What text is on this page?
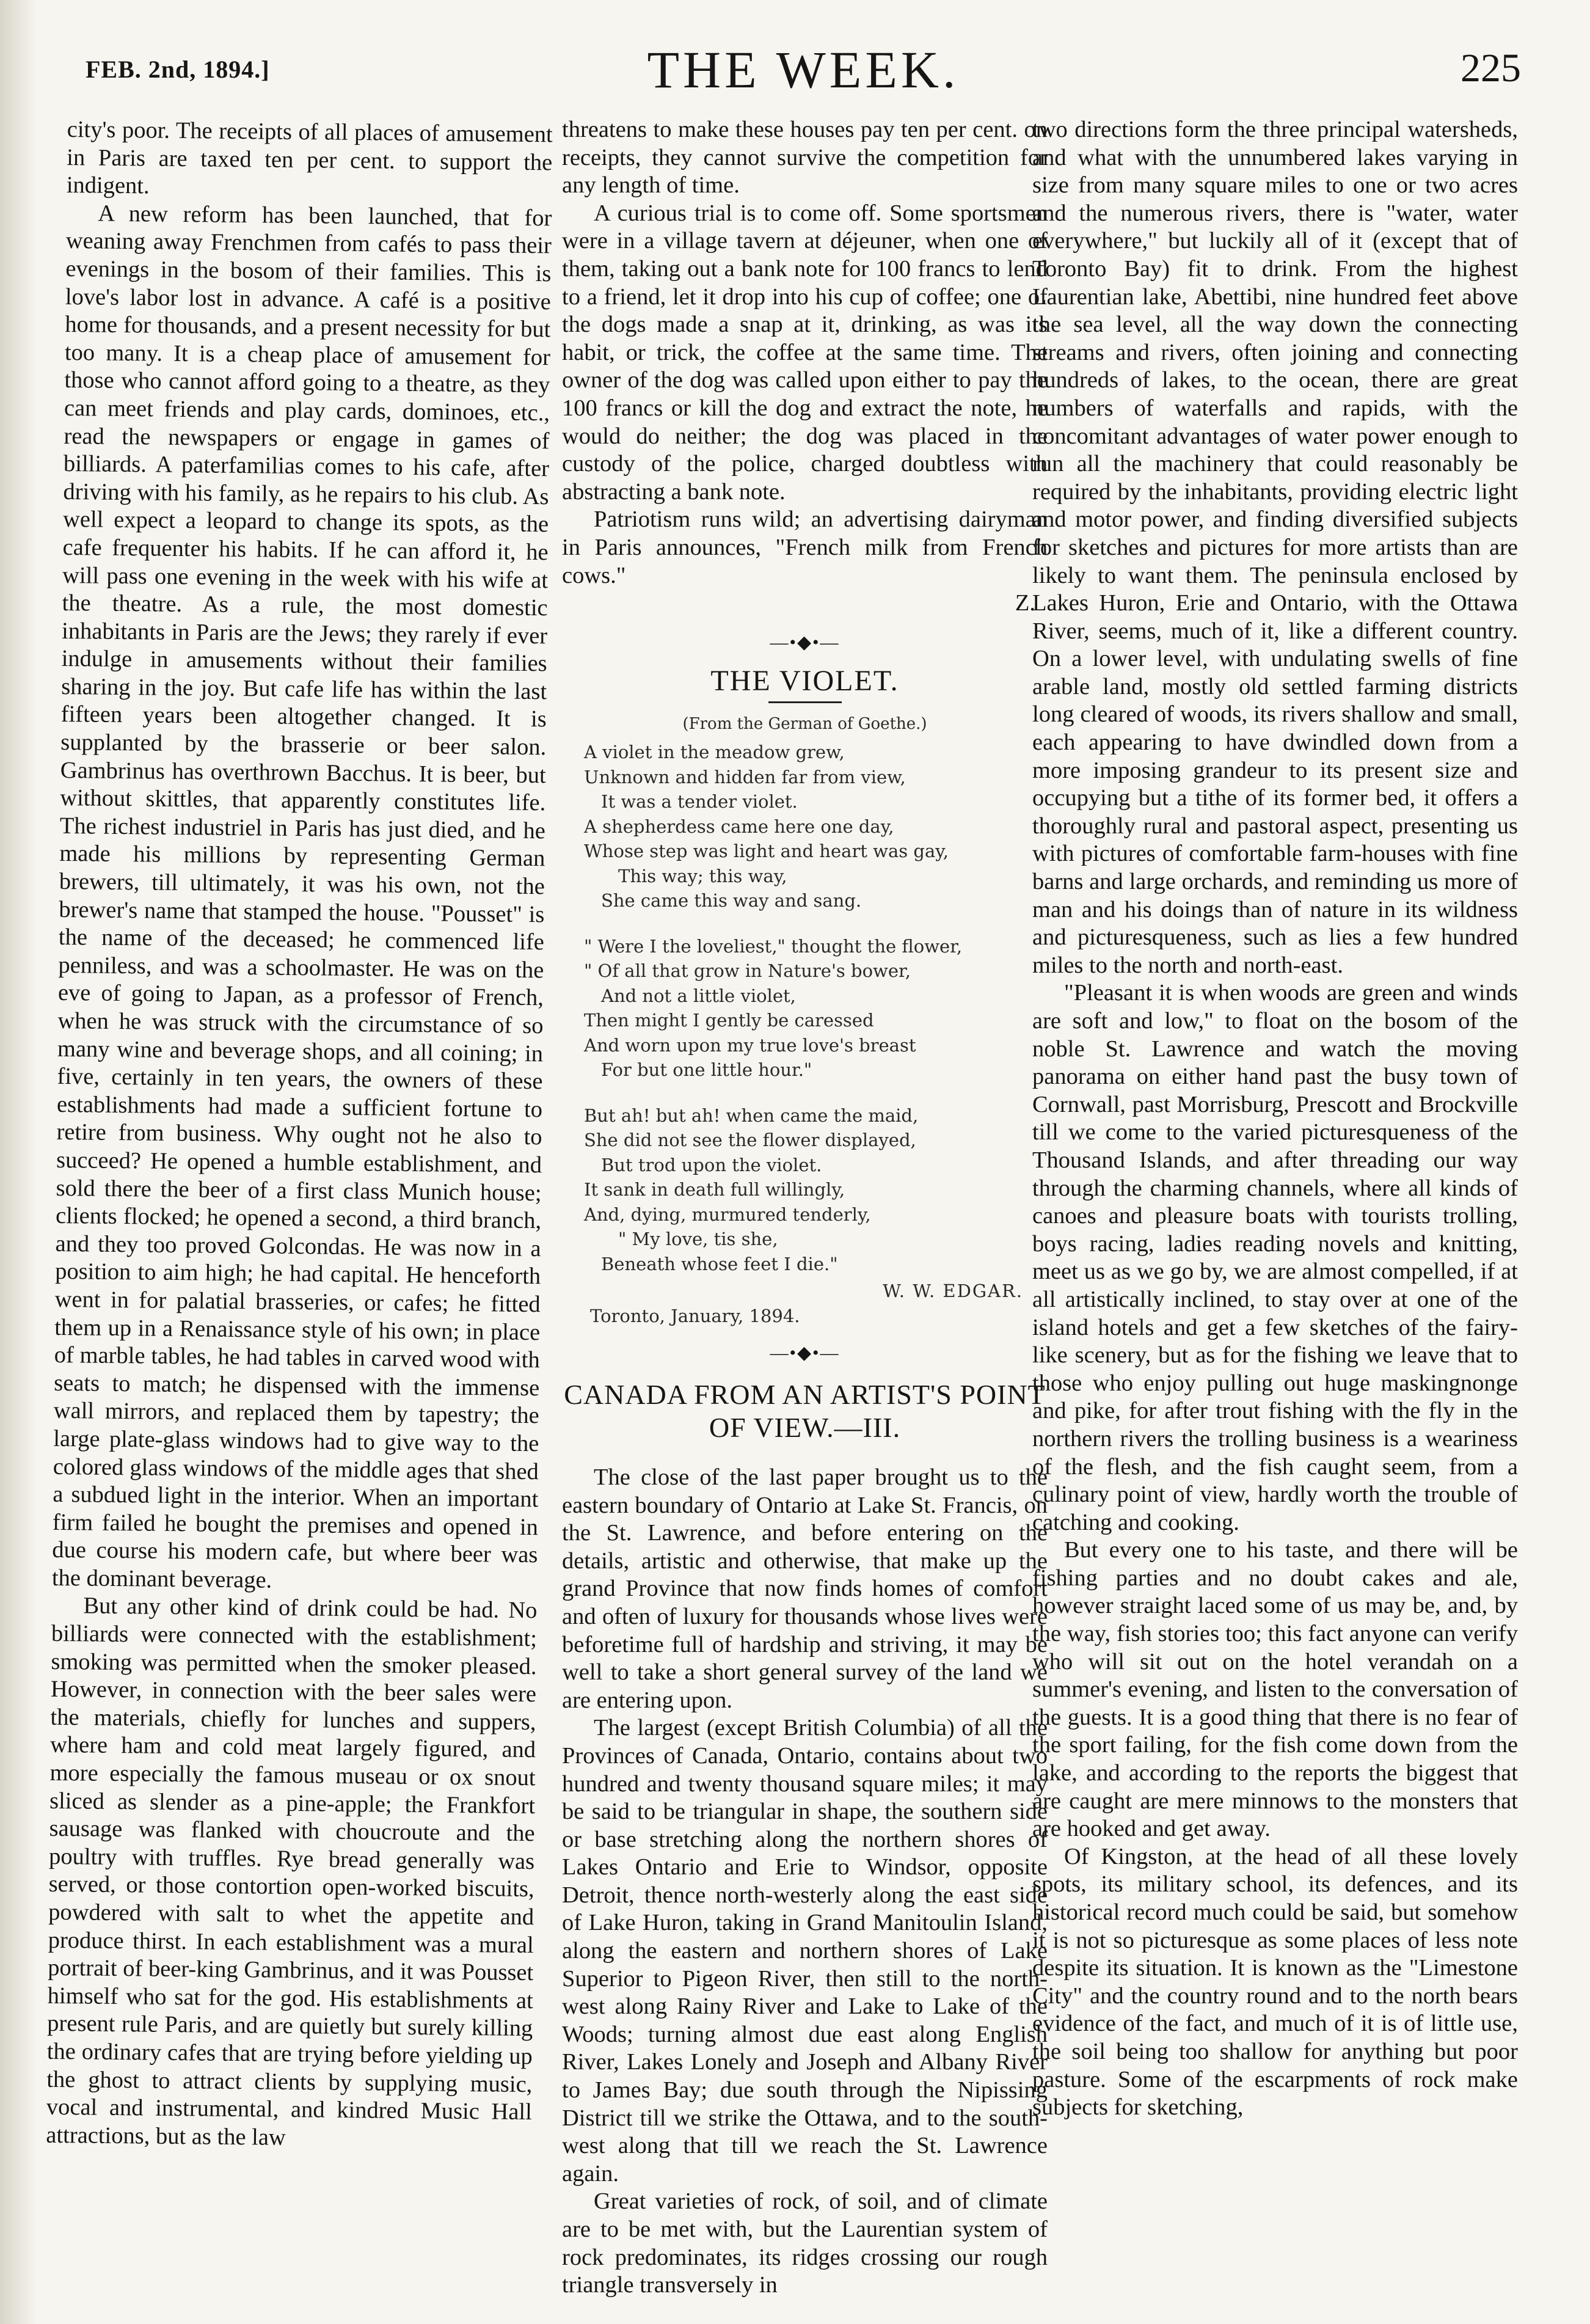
FEB. 2nd, 1894.]	THE WEEK.	225

city's poor. The receipts of all places of amusement in Paris are taxed ten per cent. to support the indigent.

A new reform has been launched, that for weaning away Frenchmen from cafés to pass their evenings in the bosom of their families. This is love's labor lost in advance. A café is a positive home for thousands, and a present necessity for but too many. It is a cheap place of amusement for those who cannot afford going to a theatre, as they can meet friends and play cards, dominoes, etc., read the newspapers or engage in games of billiards. A paterfamilias comes to his cafe, after driving with his family, as he repairs to his club. As well expect a leopard to change its spots, as the cafe frequenter his habits. If he can afford it, he will pass one evening in the week with his wife at the theatre. As a rule, the most domestic inhabitants in Paris are the Jews; they rarely if ever indulge in amusements without their families sharing in the joy. But cafe life has within the last fifteen years been altogether changed. It is supplanted by the brasserie or beer salon. Gambrinus has overthrown Bacchus. It is beer, but without skittles, that apparently constitutes life. The richest industriel in Paris has just died, and he made his millions by representing German brewers, till ultimately, it was his own, not the brewer's name that stamped the house. "Pousset" is the name of the deceased; he commenced life penniless, and was a schoolmaster. He was on the eve of going to Japan, as a professor of French, when he was struck with the circumstance of so many wine and beverage shops, and all coining; in five, certainly in ten years, the owners of these establishments had made a sufficient fortune to retire from business. Why ought not he also to succeed? He opened a humble establishment, and sold there the beer of a first class Munich house; clients flocked; he opened a second, a third branch, and they too proved Golcondas. He was now in a position to aim high; he had capital. He henceforth went in for palatial brasseries, or cafes; he fitted them up in a Renaissance style of his own; in place of marble tables, he had tables in carved wood with seats to match; he dispensed with the immense wall mirrors, and replaced them by tapestry; the large plate-glass windows had to give way to the colored glass windows of the middle ages that shed a subdued light in the interior. When an important firm failed he bought the premises and opened in due course his modern cafe, but where beer was the dominant beverage.

But any other kind of drink could be had. No billiards were connected with the establishment; smoking was permitted when the smoker pleased. However, in connection with the beer sales were the materials, chiefly for lunches and suppers, where ham and cold meat largely figured, and more especially the famous museau or ox snout sliced as slender as a pine-apple; the Frankfort sausage was flanked with choucroute and the poultry with truffles. Rye bread generally was served, or those contortion open-worked biscuits, powdered with salt to whet the appetite and produce thirst. In each establishment was a mural portrait of beer-king Gambrinus, and it was Pousset himself who sat for the god. His establishments at present rule Paris, and are quietly but surely killing the ordinary cafes that are trying before yielding up the ghost to attract clients by supplying music, vocal and instrumental, and kindred Music Hall attractions, but as the law

threatens to make these houses pay ten per cent. on receipts, they cannot survive the competition for any length of time.

A curious trial is to come off. Some sportsmen were in a village tavern at déjeuner, when one of them, taking out a bank note for 100 francs to lend to a friend, let it drop into his cup of coffee; one of the dogs made a snap at it, drinking, as was its habit, or trick, the coffee at the same time. The owner of the dog was called upon either to pay the 100 francs or kill the dog and extract the note, he would do neither; the dog was placed in the custody of the police, charged doubtless with abstracting a bank note.

Patriotism runs wild; an advertising dairyman in Paris announces, "French milk from French cows."

Z.
—•◆•—
THE VIOLET.
(From the German of Goethe.)
A violet in the meadow grew,
Unknown and hidden far from view,
It was a tender violet.
A shepherdess came here one day,
Whose step was light and heart was gay,
This way; this way,
She came this way and sang.
" Were I the loveliest," thought the flower,
" Of all that grow in Nature's bower,
And not a little violet,
Then might I gently be caressed
And worn upon my true love's breast
For but one little hour."
But ah! but ah! when came the maid,
She did not see the flower displayed,
But trod upon the violet.
It sank in death full willingly,
And, dying, murmured tenderly,
" My love, tis she,
Beneath whose feet I die."
W. W. EDGAR.
Toronto, January, 1894.
—•◆•—
CANADA FROM AN ARTIST'S POINT OF VIEW.—III.

The close of the last paper brought us to the eastern boundary of Ontario at Lake St. Francis, on the St. Lawrence, and before entering on the details, artistic and otherwise, that make up the grand Province that now finds homes of comfort and often of luxury for thousands whose lives were beforetime full of hardship and striving, it may be well to take a short general survey of the land we are entering upon.

The largest (except British Columbia) of all the Provinces of Canada, Ontario, contains about two hundred and twenty thousand square miles; it may be said to be triangular in shape, the southern side or base stretching along the northern shores of Lakes Ontario and Erie to Windsor, opposite Detroit, thence north-westerly along the east side of Lake Huron, taking in Grand Manitoulin Island, along the eastern and northern shores of Lake Superior to Pigeon River, then still to the north-west along Rainy River and Lake to Lake of the Woods; turning almost due east along English River, Lakes Lonely and Joseph and Albany River to James Bay; due south through the Nipissing District till we strike the Ottawa, and to the south-west along that till we reach the St. Lawrence again.

Great varieties of rock, of soil, and of climate are to be met with, but the Laurentian system of rock predominates, its ridges crossing our rough triangle transversely in

two directions form the three principal watersheds, and what with the unnumbered lakes varying in size from many square miles to one or two acres and the numerous rivers, there is "water, water everywhere," but luckily all of it (except that of Toronto Bay) fit to drink. From the highest Laurentian lake, Abettibi, nine hundred feet above the sea level, all the way down the connecting streams and rivers, often joining and connecting hundreds of lakes, to the ocean, there are great numbers of waterfalls and rapids, with the concomitant advantages of water power enough to run all the machinery that could reasonably be required by the inhabitants, providing electric light and motor power, and finding diversified subjects for sketches and pictures for more artists than are likely to want them. The peninsula enclosed by Lakes Huron, Erie and Ontario, with the Ottawa River, seems, much of it, like a different country. On a lower level, with undulating swells of fine arable land, mostly old settled farming districts long cleared of woods, its rivers shallow and small, each appearing to have dwindled down from a more imposing grandeur to its present size and occupying but a tithe of its former bed, it offers a thoroughly rural and pastoral aspect, presenting us with pictures of comfortable farm-houses with fine barns and large orchards, and reminding us more of man and his doings than of nature in its wildness and picturesqueness, such as lies a few hundred miles to the north and north-east.

"Pleasant it is when woods are green and winds are soft and low," to float on the bosom of the noble St. Lawrence and watch the moving panorama on either hand past the busy town of Cornwall, past Morrisburg, Prescott and Brockville till we come to the varied picturesqueness of the Thousand Islands, and after threading our way through the charming channels, where all kinds of canoes and pleasure boats with tourists trolling, boys racing, ladies reading novels and knitting, meet us as we go by, we are almost compelled, if at all artistically inclined, to stay over at one of the island hotels and get a few sketches of the fairy-like scenery, but as for the fishing we leave that to those who enjoy pulling out huge maskingnonge and pike, for after trout fishing with the fly in the northern rivers the trolling business is a weariness of the flesh, and the fish caught seem, from a culinary point of view, hardly worth the trouble of catching and cooking.

But every one to his taste, and there will be fishing parties and no doubt cakes and ale, however straight laced some of us may be, and, by the way, fish stories too; this fact anyone can verify who will sit out on the hotel verandah on a summer's evening, and listen to the conversation of the guests. It is a good thing that there is no fear of the sport failing, for the fish come down from the lake, and according to the reports the biggest that are caught are mere minnows to the monsters that are hooked and get away.

Of Kingston, at the head of all these lovely spots, its military school, its defences, and its historical record much could be said, but somehow it is not so picturesque as some places of less note despite its situation. It is known as the "Limestone City" and the country round and to the north bears evidence of the fact, and much of it is of little use, the soil being too shallow for anything but poor pasture. Some of the escarpments of rock make subjects for sketching,
